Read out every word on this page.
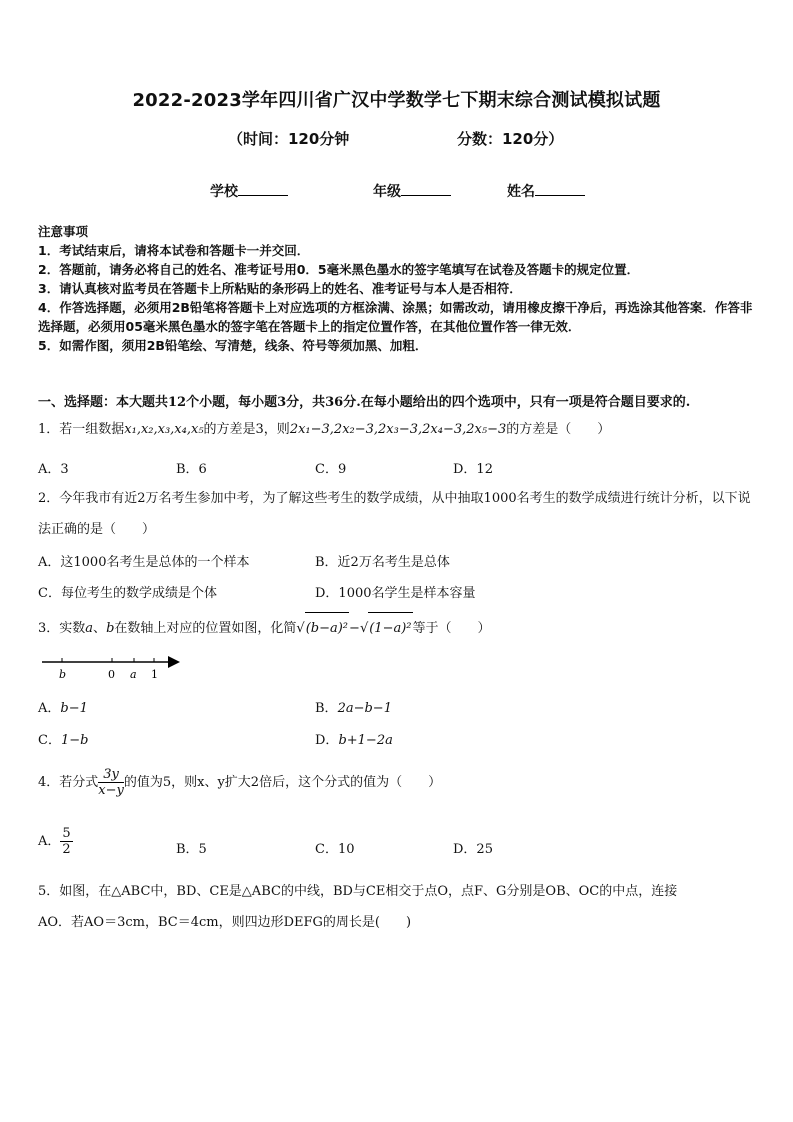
2022-2023学年四川省广汉中学数学七下期末综合测试模拟试题
（时间：120分钟	分数：120分）
学校	年级	姓名
注意事项
1．考试结束后，请将本试卷和答题卡一并交回．
2．答题前，请务必将自己的姓名、准考证号用0．5毫米黑色墨水的签字笔填写在试卷及答题卡的规定位置．
3．请认真核对监考员在答题卡上所粘贴的条形码上的姓名、准考证号与本人是否相符．
4．作答选择题，必须用2B铅笔将答题卡上对应选项的方框涂满、涂黑；如需改动，请用橡皮擦干净后，再选涂其他答案．作答非选择题，必须用05毫米黑色墨水的签字笔在答题卡上的指定位置作答，在其他位置作答一律无效．
5．如需作图，须用2B铅笔绘、写清楚，线条、符号等须加黑、加粗．
一、选择题：本大题共12个小题，每小题3分，共36分.在每小题给出的四个选项中，只有一项是符合题目要求的.
1．若一组数据x₁,x₂,x₃,x₄,x₅的方差是3，则2x₁−3,2x₂−3,2x₃−3,2x₄−3,2x₅−3的方差是（　　）
A．3	B．6	C．9	D．12
2．今年我市有近2万名考生参加中考，为了解这些考生的数学成绩，从中抽取1000名考生的数学成绩进行统计分析，以下说法正确的是（　　）
A．这1000名考生是总体的一个样本	B．近2万名考生是总体
C．每位考生的数学成绩是个体	D．1000名学生是样本容量
3．实数a、b在数轴上对应的位置如图，化简√(b−a)²−√(1−a)²等于（　　）
b	0 a 1
A．b−1	B．2a−b−1
C．1−b	D．b+1−2a
4．若分式 $\frac{3y}{x-y}$ 的值为5，则x、y扩大2倍后，这个分式的值为（　　）
A． $\frac{5}{2}$	B．5	C．10	D．25
5．如图，在△ABC中，BD、CE是△ABC的中线，BD与CE相交于点O，点F、G分别是OB、OC的中点，连接
AO．若AO＝3cm，BC＝4cm，则四边形DEFG的周长是(　　)
